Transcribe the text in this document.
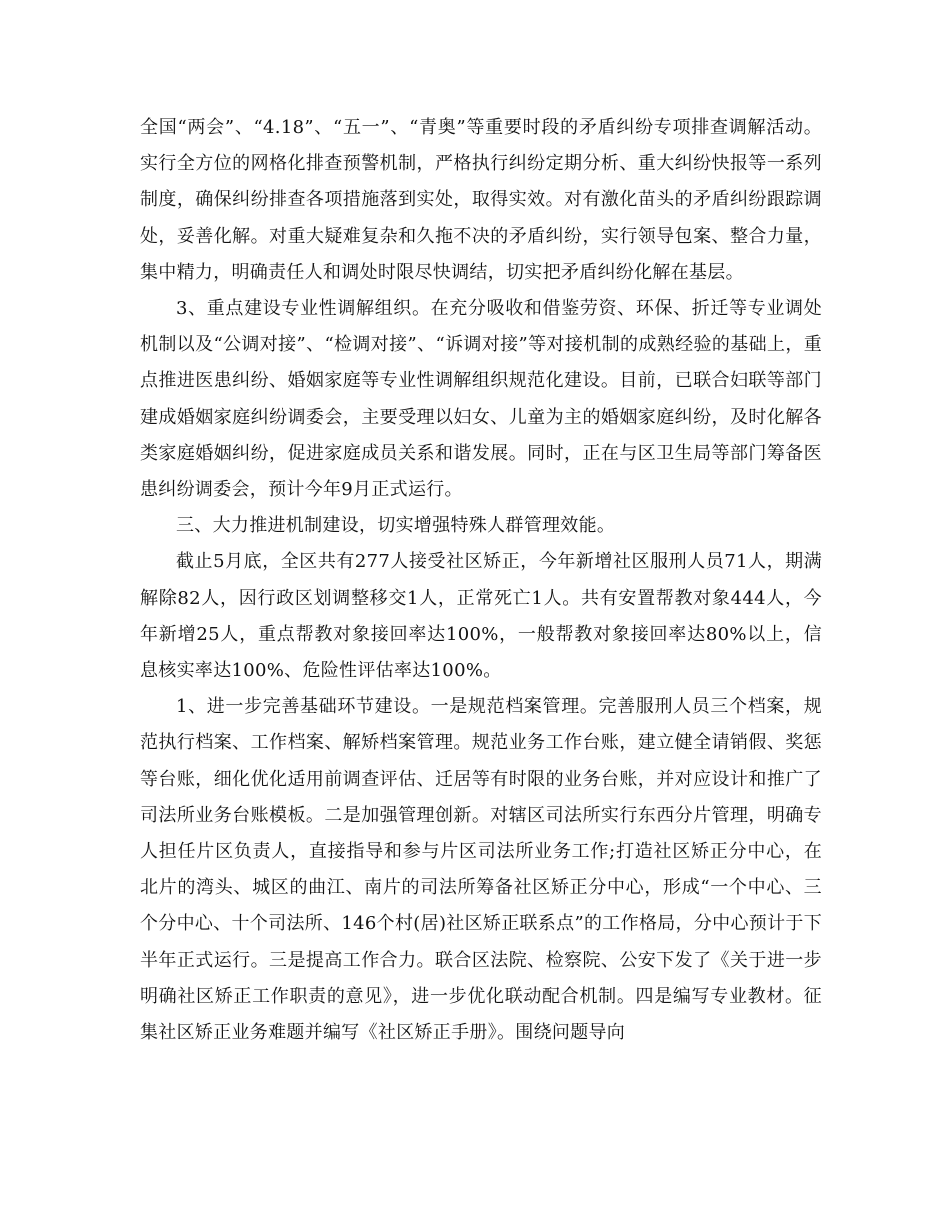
全国“两会”、“4.18”、“五一”、“青奥”等重要时段的矛盾纠纷专项排查调解活动。实行全方位的网格化排查预警机制，严格执行纠纷定期分析、重大纠纷快报等一系列制度，确保纠纷排查各项措施落到实处，取得实效。对有激化苗头的矛盾纠纷跟踪调处，妥善化解。对重大疑难复杂和久拖不决的矛盾纠纷，实行领导包案、整合力量，集中精力，明确责任人和调处时限尽快调结，切实把矛盾纠纷化解在基层。

3、重点建设专业性调解组织。在充分吸收和借鉴劳资、环保、折迁等专业调处机制以及“公调对接”、“检调对接”、“诉调对接”等对接机制的成熟经验的基础上，重点推进医患纠纷、婚姻家庭等专业性调解组织规范化建设。目前，已联合妇联等部门建成婚姻家庭纠纷调委会，主要受理以妇女、儿童为主的婚姻家庭纠纷，及时化解各类家庭婚姻纠纷，促进家庭成员关系和谐发展。同时，正在与区卫生局等部门筹备医患纠纷调委会，预计今年9月正式运行。

三、大力推进机制建设，切实增强特殊人群管理效能。

截止5月底，全区共有277人接受社区矫正，今年新增社区服刑人员71人，期满解除82人，因行政区划调整移交1人，正常死亡1人。共有安置帮教对象444人，今年新增25人，重点帮教对象接回率达100%，一般帮教对象接回率达80%以上，信息核实率达100%、危险性评估率达100%。

1、进一步完善基础环节建设。一是规范档案管理。完善服刑人员三个档案，规范执行档案、工作档案、解矫档案管理。规范业务工作台账，建立健全请销假、奖惩等台账，细化优化适用前调查评估、迁居等有时限的业务台账，并对应设计和推广了司法所业务台账模板。二是加强管理创新。对辖区司法所实行东西分片管理，明确专人担任片区负责人，直接指导和参与片区司法所业务工作;打造社区矫正分中心，在北片的湾头、城区的曲江、南片的司法所筹备社区矫正分中心，形成“一个中心、三个分中心、十个司法所、146个村(居)社区矫正联系点”的工作格局，分中心预计于下半年正式运行。三是提高工作合力。联合区法院、检察院、公安下发了《关于进一步明确社区矫正工作职责的意见》，进一步优化联动配合机制。四是编写专业教材。征集社区矫正业务难题并编写《社区矫正手册》。围绕问题导向
